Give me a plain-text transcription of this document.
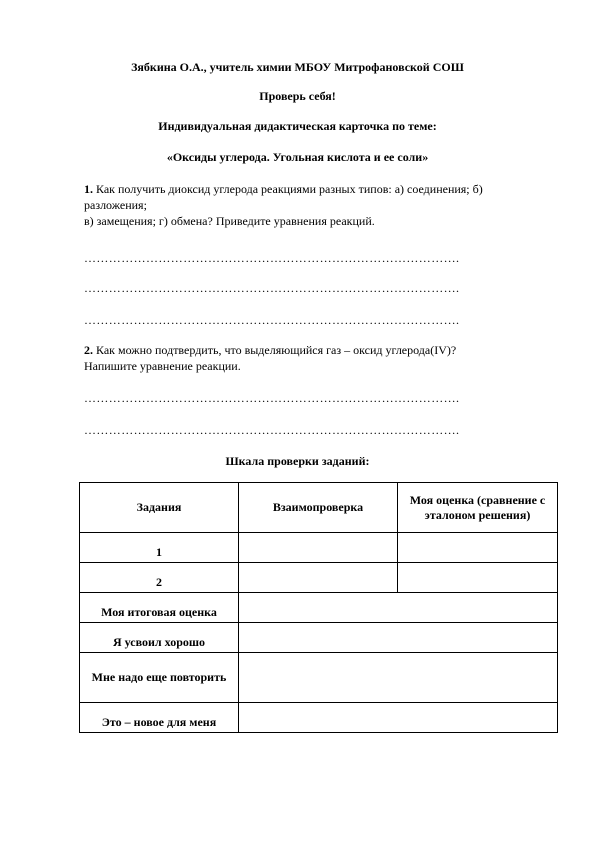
Зябкина О.А., учитель химии МБОУ Митрофановской СОШ
Проверь себя!
Индивидуальная дидактическая карточка по теме:
«Оксиды углерода. Угольная кислота и ее соли»
1. Как получить диоксид углерода реакциями разных типов: а) соединения; б)
разложения;
в) замещения; г) обмена? Приведите уравнения реакций.
……………………………………………………………………………….
……………………………………………………………………………….
……………………………………………………………………………….
2. Как можно подтвердить, что выделяющийся газ – оксид углерода(IV)?
Напишите уравнение реакции.
……………………………………………………………………………….
……………………………………………………………………………….
Шкала проверки заданий:
Задания	Взаимопроверка	Моя оценка (сравнение с эталоном решения)
1		
2		
Моя итоговая оценка		
Я усвоил хорошо		
Мне надо еще повторить		
Это – новое для меня		
